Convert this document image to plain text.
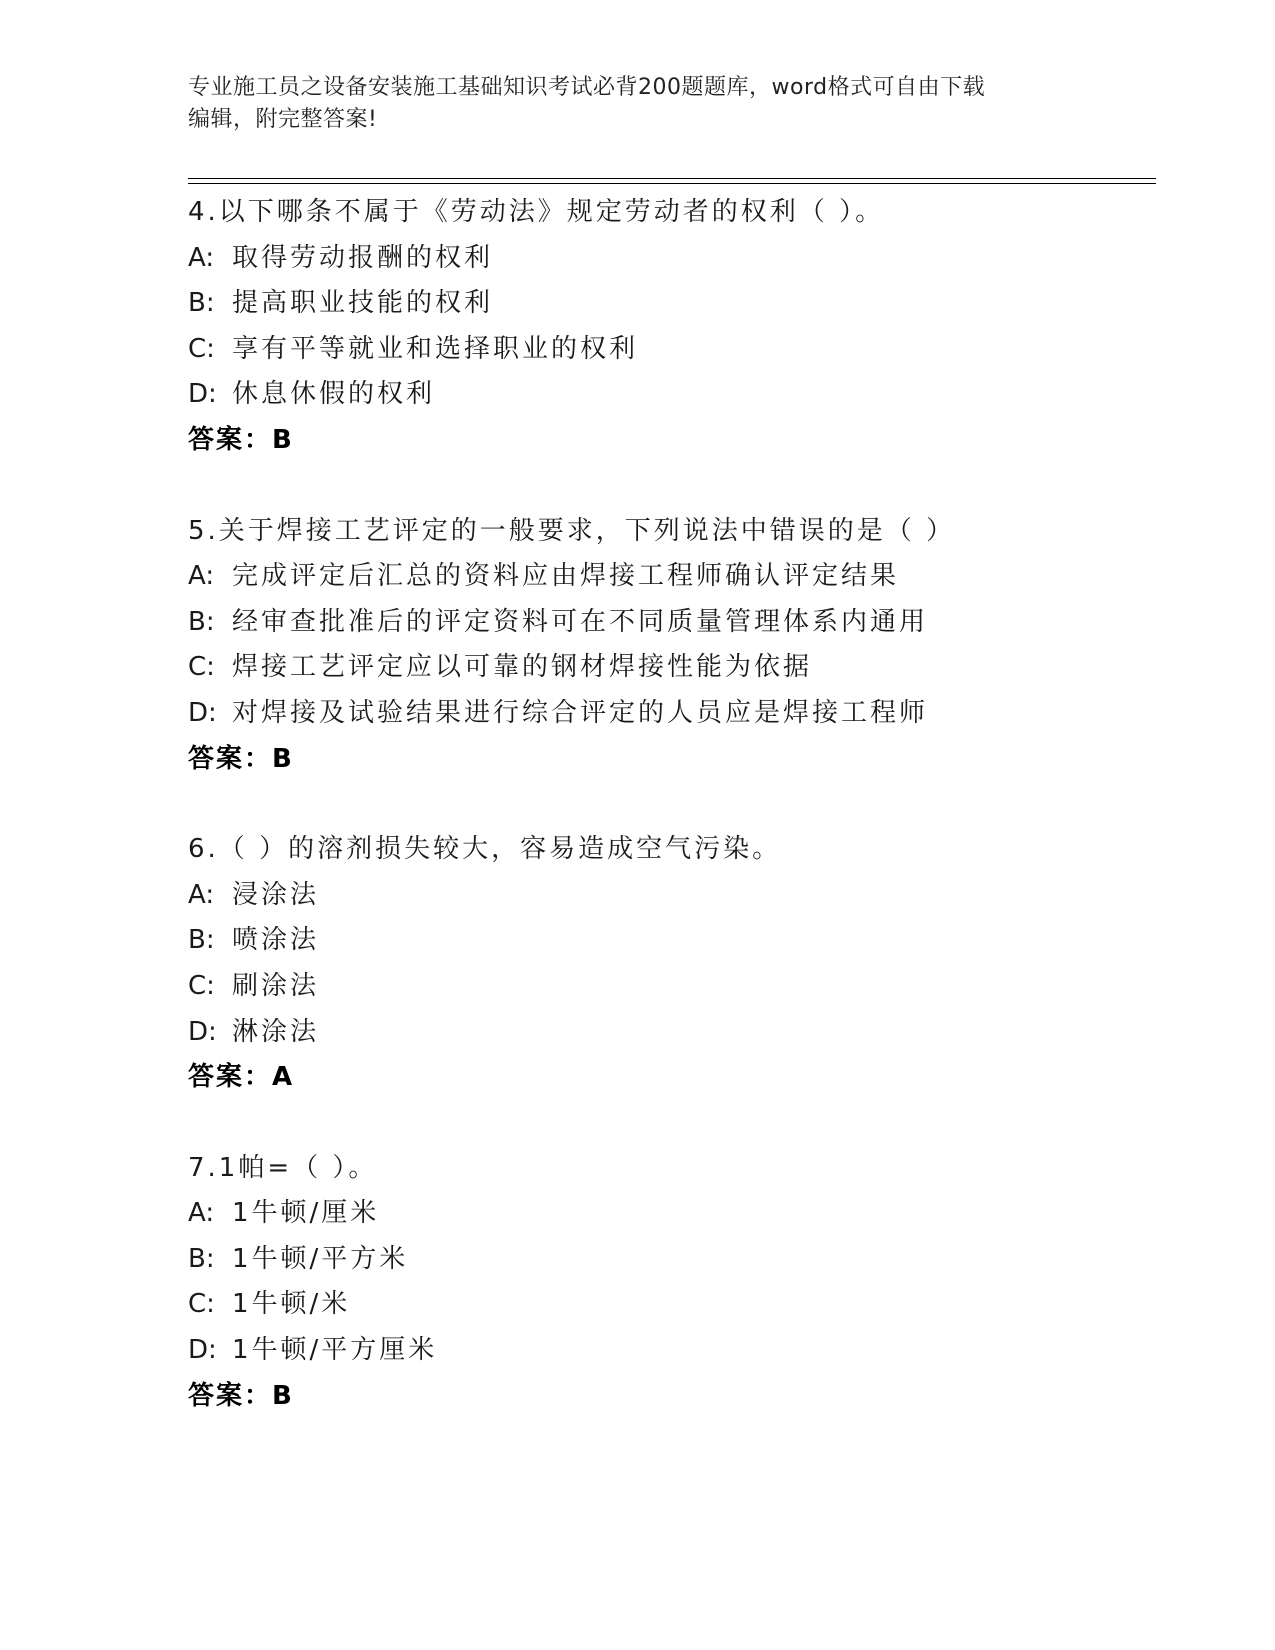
专业施工员之设备安装施工基础知识考试必背200题题库，word格式可自由下载
编辑，附完整答案!
4.以下哪条不属于《劳动法》规定劳动者的权利（ ）。
A: 取得劳动报酬的权利
B: 提高职业技能的权利
C: 享有平等就业和选择职业的权利
D: 休息休假的权利
答案：B
5.关于焊接工艺评定的一般要求，下列说法中错误的是（ ）
A: 完成评定后汇总的资料应由焊接工程师确认评定结果
B: 经审查批准后的评定资料可在不同质量管理体系内通用
C: 焊接工艺评定应以可靠的钢材焊接性能为依据
D: 对焊接及试验结果进行综合评定的人员应是焊接工程师
答案：B
6.（ ）的溶剂损失较大，容易造成空气污染。
A: 浸涂法
B: 喷涂法
C: 刷涂法
D: 淋涂法
答案：A
7.1帕=（ ）。
A: 1牛顿/厘米
B: 1牛顿/平方米
C: 1牛顿/米
D: 1牛顿/平方厘米
答案：B
